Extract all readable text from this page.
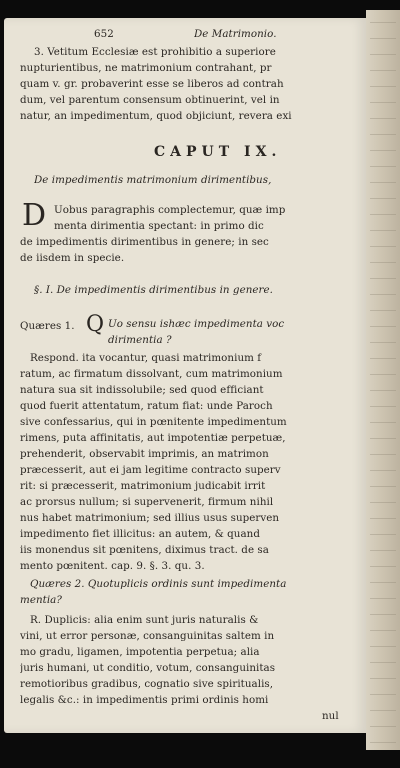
652	De Matrimonio.
3. Vetitum Ecclesiæ est prohibitio a superiore
nupturientibus, ne matrimonium contrahant, pr
quam v. gr. probaverint esse se liberos ad contrah
dum, vel parentum consensum obtinuerint, vel in
natur, an impedimentum, quod objiciunt, revera exi
CAPUT IX.
De impedimentis matrimonium dirimentibus,
D Uobus paragraphis complectemur, quæ imp
menta dirimentia spectant: in primo dic
de impedimentis dirimentibus in genere; in sec
de iisdem in specie.
§. I. De impedimentis dirimentibus in genere.
Quæres 1. Q Uo sensu ishæc impedimenta voc
dirimentia ?
Respond. ita vocantur, quasi matrimonium f
ratum, ac firmatum dissolvant, cum matrimonium
natura sua sit indissolubile; sed quod efficiant
quod fuerit attentatum, ratum fiat: unde Paroch
sive confessarius, qui in pœnitente impedimentum
rimens, puta affinitatis, aut impotentiæ perpetuæ,
prehenderit, observabit imprimis, an matrimon
præcesserit, aut ei jam legitime contracto superv
rit: si præcesserit, matrimonium judicabit irrit
ac prorsus nullum; si supervenerit, firmum nihil
nus habet matrimonium; sed illius usus superven
impedimento fiet illicitus: an autem, & quand
iis monendus sit pœnitens, diximus tract. de sa
mento pœnitent. cap. 9. §. 3. qu. 3.
Quæres 2. Quotuplicis ordinis sunt impedimenta
mentia?
R. Duplicis: alia enim sunt juris naturalis &
vini, ut error personæ, consanguinitas saltem in
mo gradu, ligamen, impotentia perpetua; alia
juris humani, ut conditio, votum, consanguinitas
remotioribus gradibus, cognatio sive spiritualis,
legalis &c.: in impedimentis primi ordinis homi
nul
